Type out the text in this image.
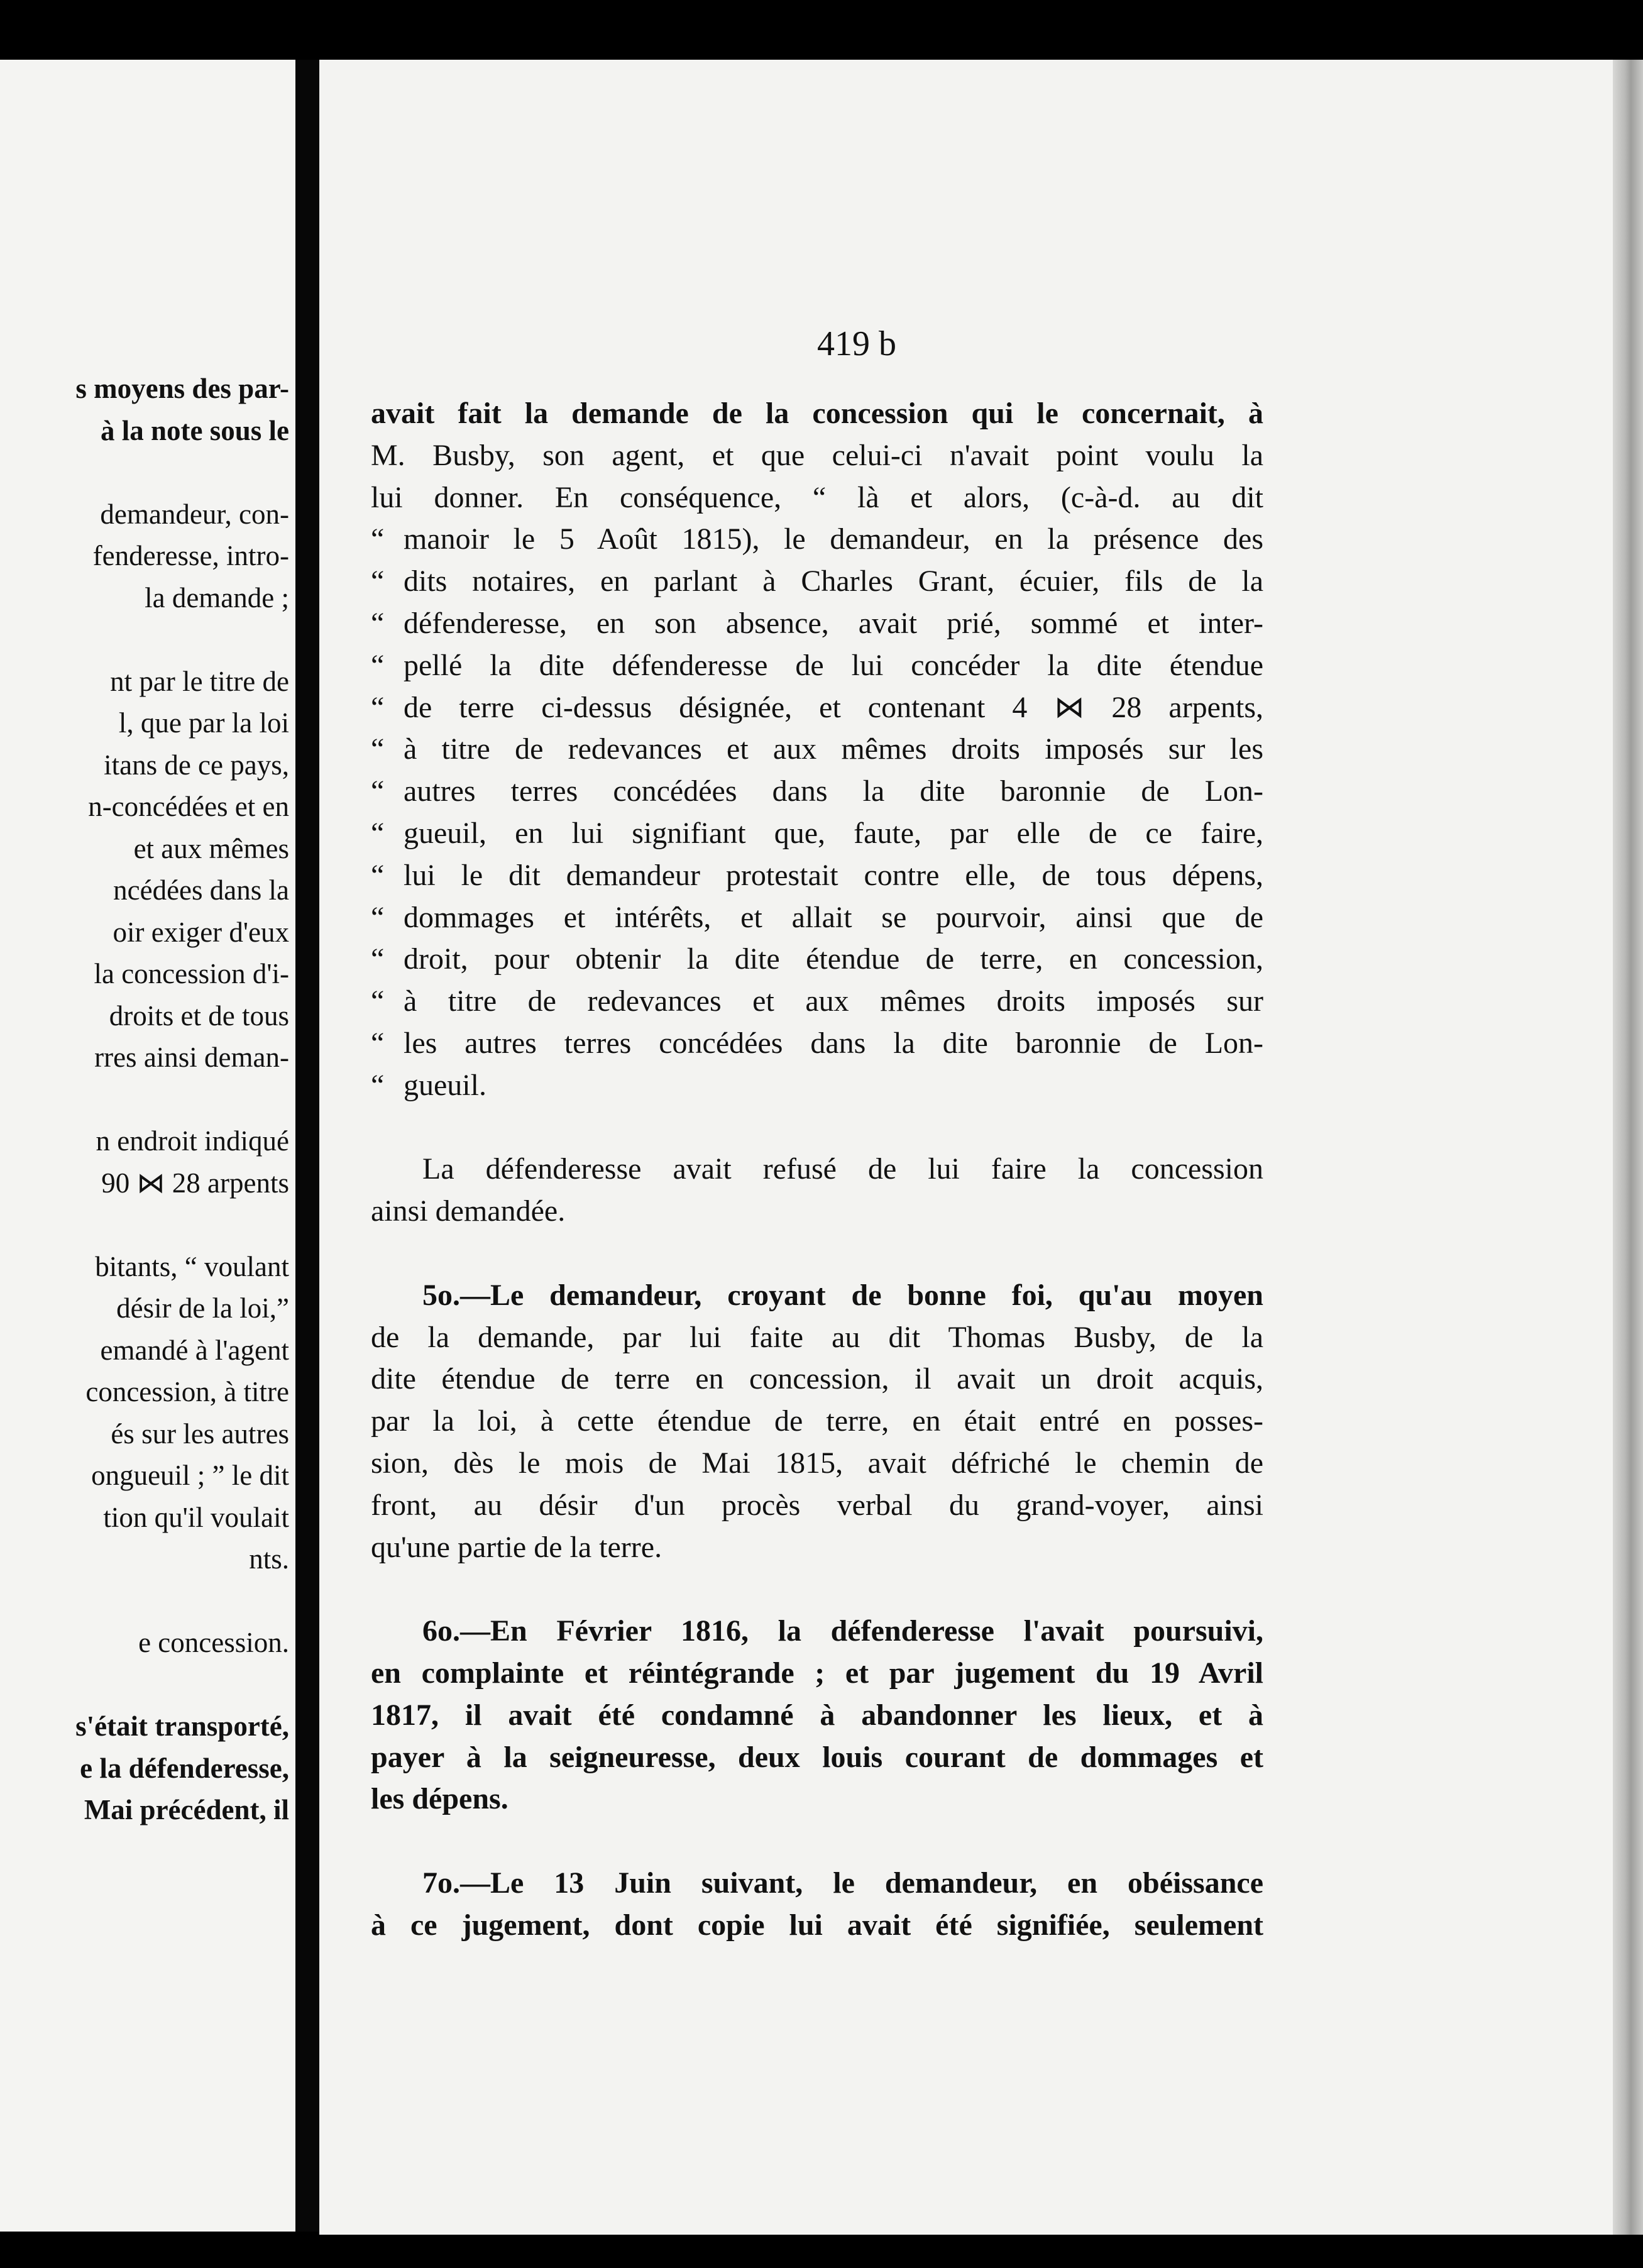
s moyens des par-
à la note sous le
demandeur, con-
fenderesse, intro-
la demande ;
nt par le titre de
l, que par la loi
itans de ce pays,
n-concédées et en
et aux mêmes
ncédées dans la
oir exiger d'eux
la concession d'i-
droits et de tous
rres ainsi deman-
n endroit indiqué
90 ⋈ 28 arpents
bitants, “ voulant
désir de la loi,”
emandé à l'agent
concession, à titre
és sur les autres
ongueuil ; ” le dit
tion qu'il voulait
nts.
e concession.
s'était transporté,
e la défenderesse,
Mai précédent, il
419 b
avait fait la demande de la concession qui le concernait, à
M. Busby, son agent, et que celui-ci n'avait point voulu la
lui donner. En conséquence, “ là et alors, (c-à-d. au dit
“ manoir le 5 Août 1815), le demandeur, en la présence des
“ dits notaires, en parlant à Charles Grant, écuier, fils de la
“ défenderesse, en son absence, avait prié, sommé et inter-
“ pellé la dite défenderesse de lui concéder la dite étendue
“ de terre ci-dessus désignée, et contenant 4 ⋈ 28 arpents,
“ à titre de redevances et aux mêmes droits imposés sur les
“ autres terres concédées dans la dite baronnie de Lon-
“ gueuil, en lui signifiant que, faute, par elle de ce faire,
“ lui le dit demandeur protestait contre elle, de tous dépens,
“ dommages et intérêts, et allait se pourvoir, ainsi que de
“ droit, pour obtenir la dite étendue de terre, en concession,
“ à titre de redevances et aux mêmes droits imposés sur
“ les autres terres concédées dans la dite baronnie de Lon-
“ gueuil.
La défenderesse avait refusé de lui faire la concession
ainsi demandée.
5o.—Le demandeur, croyant de bonne foi, qu'au moyen
de la demande, par lui faite au dit Thomas Busby, de la
dite étendue de terre en concession, il avait un droit acquis,
par la loi, à cette étendue de terre, en était entré en posses-
sion, dès le mois de Mai 1815, avait défriché le chemin de
front, au désir d'un procès verbal du grand-voyer, ainsi
qu'une partie de la terre.
6o.—En Février 1816, la défenderesse l'avait poursuivi,
en complainte et réintégrande ; et par jugement du 19 Avril
1817, il avait été condamné à abandonner les lieux, et à
payer à la seigneuresse, deux louis courant de dommages et
les dépens.
7o.—Le 13 Juin suivant, le demandeur, en obéissance
à ce jugement, dont copie lui avait été signifiée, seulement
